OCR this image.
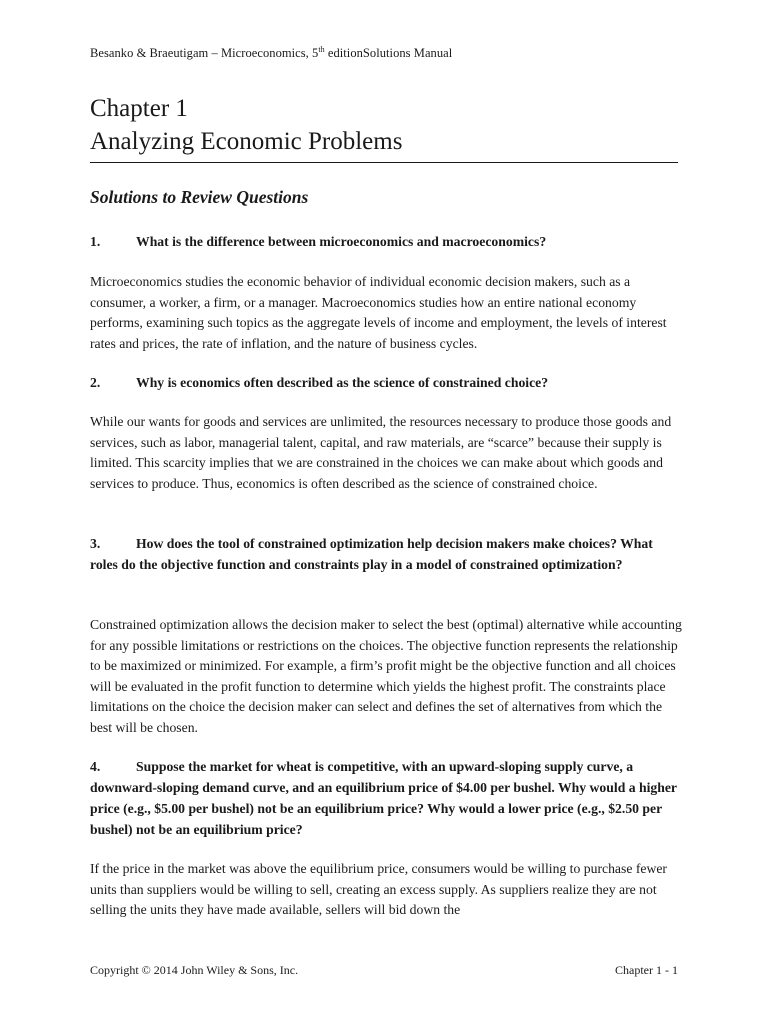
Besanko & Braeutigam – Microeconomics, 5th editionSolutions Manual
Chapter 1
Analyzing Economic Problems
Solutions to Review Questions
1.	What is the difference between microeconomics and macroeconomics?

Microeconomics studies the economic behavior of individual economic decision makers, such as a consumer, a worker, a firm, or a manager. Macroeconomics studies how an entire national economy performs, examining such topics as the aggregate levels of income and employment, the levels of interest rates and prices, the rate of inflation, and the nature of business cycles.

2.	Why is economics often described as the science of constrained choice?

While our wants for goods and services are unlimited, the resources necessary to produce those goods and services, such as labor, managerial talent, capital, and raw materials, are “scarce” because their supply is limited. This scarcity implies that we are constrained in the choices we can make about which goods and services to produce. Thus, economics is often described as the science of constrained choice.

3.	How does the tool of constrained optimization help decision makers make choices? What roles do the objective function and constraints play in a model of constrained optimization?

Constrained optimization allows the decision maker to select the best (optimal) alternative while accounting for any possible limitations or restrictions on the choices. The objective function represents the relationship to be maximized or minimized. For example, a firm’s profit might be the objective function and all choices will be evaluated in the profit function to determine which yields the highest profit. The constraints place limitations on the choice the decision maker can select and defines the set of alternatives from which the best will be chosen.

4.	Suppose the market for wheat is competitive, with an upward-sloping supply curve, a downward-sloping demand curve, and an equilibrium price of $4.00 per bushel. Why would a higher price (e.g., $5.00 per bushel) not be an equilibrium price? Why would a lower price (e.g., $2.50 per bushel) not be an equilibrium price?

If the price in the market was above the equilibrium price, consumers would be willing to purchase fewer units than suppliers would be willing to sell, creating an excess supply. As suppliers realize they are not selling the units they have made available, sellers will bid down the

Copyright © 2014 John Wiley & Sons, Inc.	Chapter 1 - 1
